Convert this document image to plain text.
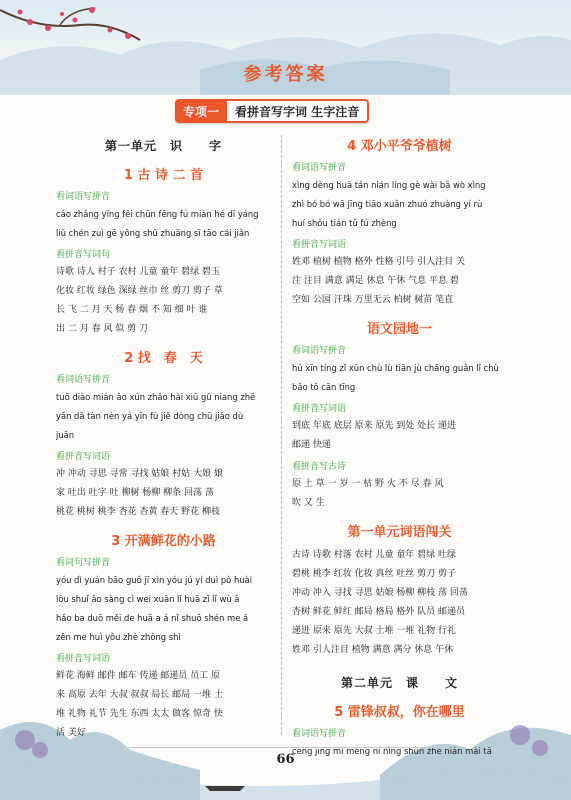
参考答案
专项一	看拼音写字词 生字注音
第一单元　识　　字
1 古 诗 二 首
看词语写拼音
cǎo zhǎng yīng fēi chūn fēng fú miàn hé dī yáng
liǔ chén zuì gē yǒng shū zhuāng sī tāo cái jiǎn
看拼音写词句
诗歌 诗人 村子 农村 儿童 童年 碧绿 碧玉
化妆 红妆 绿色 深绿 丝巾 丝 剪刀 剪子 草
长 飞 二 月 天 杨 春 烟 不 知 细 叶 谁
出 二 月 春 风 似 剪 刀
2 找　春　天
看词语写拼音
tuō diào mián ǎo xún zhǎo hài xiū gū niang zhē
yǎn dā tàn nèn yá yīn fú jiě dòng chū jiāo dù
juān
看拼音写词语
冲 冲动 寻思 寻常 寻找 姑娘 村姑 大娘 娘
家 吐出 吐字 吐 柳树 杨柳 柳条 回荡 荡
桃花 桃树 桃李 杏花 杏黄 春天 野花 柳枝
3 开满鲜花的小路
看词句写拼音
yóu dì yuán bāo guǒ jī xìn yóu jú yí duì pò huài
lòu shuǐ ǎo sàng cì wei xuān lǐ huā zǐ lǐ wù ā
hǎo ba duō měi de huā a á nǐ shuō shén me ǎ
zěn me huì yǒu zhè zhǒng shì
看拼音写词语
鲜花 海鲜 邮件 邮车 传递 邮递员 员工 原
来 高原 去年 大叔 叔叔 局长 邮局 一堆 土
堆 礼物 礼节 先生 东西 太太 做客 惊奇 快
活 美好
4 邓小平爷爷植树
看词语写拼音
xìng dèng huā tán nián líng gè wài bǎ wò xìng
zhì bó bó wā jīng tiāo xuǎn zhuó zhuàng yí rù
huí shǒu tián tǔ fú zhèng
看拼音写词语
姓邓 植树 植物 格外 性格 引号 引人注目 关
注 注目 满意 满足 休息 午休 气息 平息 碧
空如 公园 汗珠 万里无云 柏树 树苗 笔直
语文园地一
看词语写拼音
hú xīn tíng zǐ xūn chù lù tiān jù chǎng guǎn lǐ chù
bǎo tǒ cān tīng
看拼音写词语
到底 年底 底层 原来 原先 到处 处长 递进
邮递 快递
看拼音写古诗
原 上 草 一 岁 一 枯 野 火 不 尽 春 风
吹 又 生
第一单元词语闯关
古诗 诗歌 村落 农村 儿童 童年 碧绿 吐绿
碧桃 桃李 红妆 化妆 真丝 吐丝 剪刀 剪子
冲动 冲入 寻找 寻思 姑娘 杨柳 柳枝 荡 回荡
杏树 鲜花 鲜红 邮局 格局 格外 队员 邮递员
递进 原来 原先 大叔 土堆 一堆 礼物 行礼
姓邓 引人注目 植物 满意 满分 休息 午休
第二单元　课　　文
5 雷锋叔叔，你在哪里
看词语写拼音
céng jīng mí méng ní nìng shùn zhe nián mài tā
66
